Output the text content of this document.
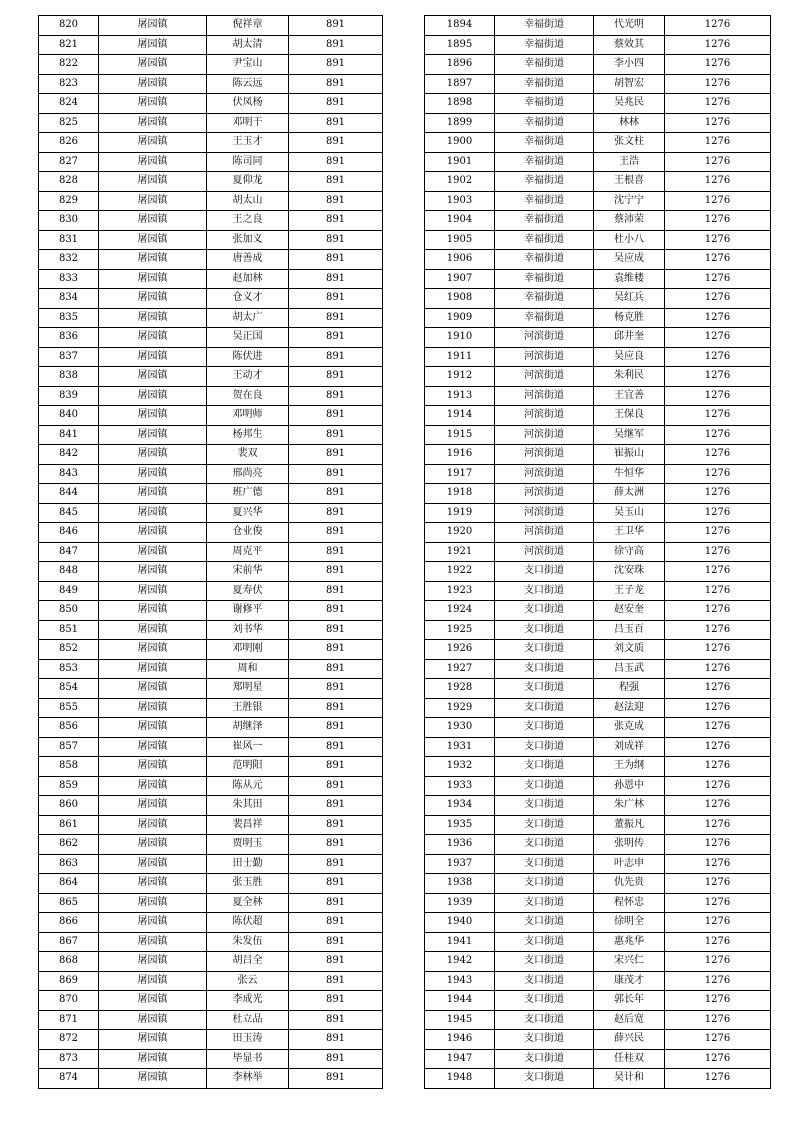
820	屠园镇	倪祥章	891
821	屠园镇	胡太清	891
822	屠园镇	尹宝山	891
823	屠园镇	陈云远	891
824	屠园镇	伏凤杨	891
825	屠园镇	邓明干	891
826	屠园镇	王玉才	891
827	屠园镇	陈司同	891
828	屠园镇	夏仰龙	891
829	屠园镇	胡太山	891
830	屠园镇	王之良	891
831	屠园镇	张加义	891
832	屠园镇	唐善成	891
833	屠园镇	赵加林	891
834	屠园镇	仓义才	891
835	屠园镇	胡太广	891
836	屠园镇	吴正国	891
837	屠园镇	陈伏进	891
838	屠园镇	王动才	891
839	屠园镇	贺在良	891
840	屠园镇	邓明师	891
841	屠园镇	杨邦生	891
842	屠园镇	裴双	891
843	屠园镇	邢尚亮	891
844	屠园镇	班广德	891
845	屠园镇	夏兴华	891
846	屠园镇	仓业俊	891
847	屠园镇	周克平	891
848	屠园镇	宋前华	891
849	屠园镇	夏寿伏	891
850	屠园镇	谢修平	891
851	屠园镇	刘书华	891
852	屠园镇	邓明刚	891
853	屠园镇	周和	891
854	屠园镇	郑明星	891
855	屠园镇	王胜银	891
856	屠园镇	胡继泽	891
857	屠园镇	崔风一	891
858	屠园镇	范明阳	891
859	屠园镇	陈从元	891
860	屠园镇	朱其田	891
861	屠园镇	裴昌祥	891
862	屠园镇	贾明玉	891
863	屠园镇	田士勤	891
864	屠园镇	张玉胜	891
865	屠园镇	夏全林	891
866	屠园镇	陈伏超	891
867	屠园镇	朱发伍	891
868	屠园镇	胡吕全	891
869	屠园镇	张云	891
870	屠园镇	李成光	891
871	屠园镇	杜立品	891
872	屠园镇	田玉涛	891
873	屠园镇	毕显书	891
874	屠园镇	李林举	891
1894	幸福街道	代光明	1276
1895	幸福街道	蔡效其	1276
1896	幸福街道	李小四	1276
1897	幸福街道	胡智宏	1276
1898	幸福街道	吴兆民	1276
1899	幸福街道	林林	1276
1900	幸福街道	张文柱	1276
1901	幸福街道	王浩	1276
1902	幸福街道	王根喜	1276
1903	幸福街道	沈宁宁	1276
1904	幸福街道	蔡沛荣	1276
1905	幸福街道	杜小八	1276
1906	幸福街道	吴应成	1276
1907	幸福街道	袁维楼	1276
1908	幸福街道	吴红兵	1276
1909	幸福街道	杨克胜	1276
1910	河滨街道	邱井奎	1276
1911	河滨街道	吴应良	1276
1912	河滨街道	朱利民	1276
1913	河滨街道	王宜善	1276
1914	河滨街道	王保良	1276
1915	河滨街道	吴继军	1276
1916	河滨街道	崔振山	1276
1917	河滨街道	牛恒华	1276
1918	河滨街道	薛太洲	1276
1919	河滨街道	吴玉山	1276
1920	河滨街道	王卫华	1276
1921	河滨街道	徐守高	1276
1922	支口街道	沈安珠	1276
1923	支口街道	王子龙	1276
1924	支口街道	赵安奎	1276
1925	支口街道	吕玉百	1276
1926	支口街道	刘文质	1276
1927	支口街道	吕玉武	1276
1928	支口街道	程强	1276
1929	支口街道	赵法迎	1276
1930	支口街道	张克成	1276
1931	支口街道	刘成祥	1276
1932	支口街道	王为纲	1276
1933	支口街道	孙恩中	1276
1934	支口街道	朱广林	1276
1935	支口街道	董振凡	1276
1936	支口街道	张明传	1276
1937	支口街道	叶志申	1276
1938	支口街道	仇先贵	1276
1939	支口街道	程怀忠	1276
1940	支口街道	徐明全	1276
1941	支口街道	惠兆华	1276
1942	支口街道	宋兴仁	1276
1943	支口街道	康茂才	1276
1944	支口街道	郭长年	1276
1945	支口街道	赵后宽	1276
1946	支口街道	薛兴民	1276
1947	支口街道	任桂双	1276
1948	支口街道	吴计和	1276
